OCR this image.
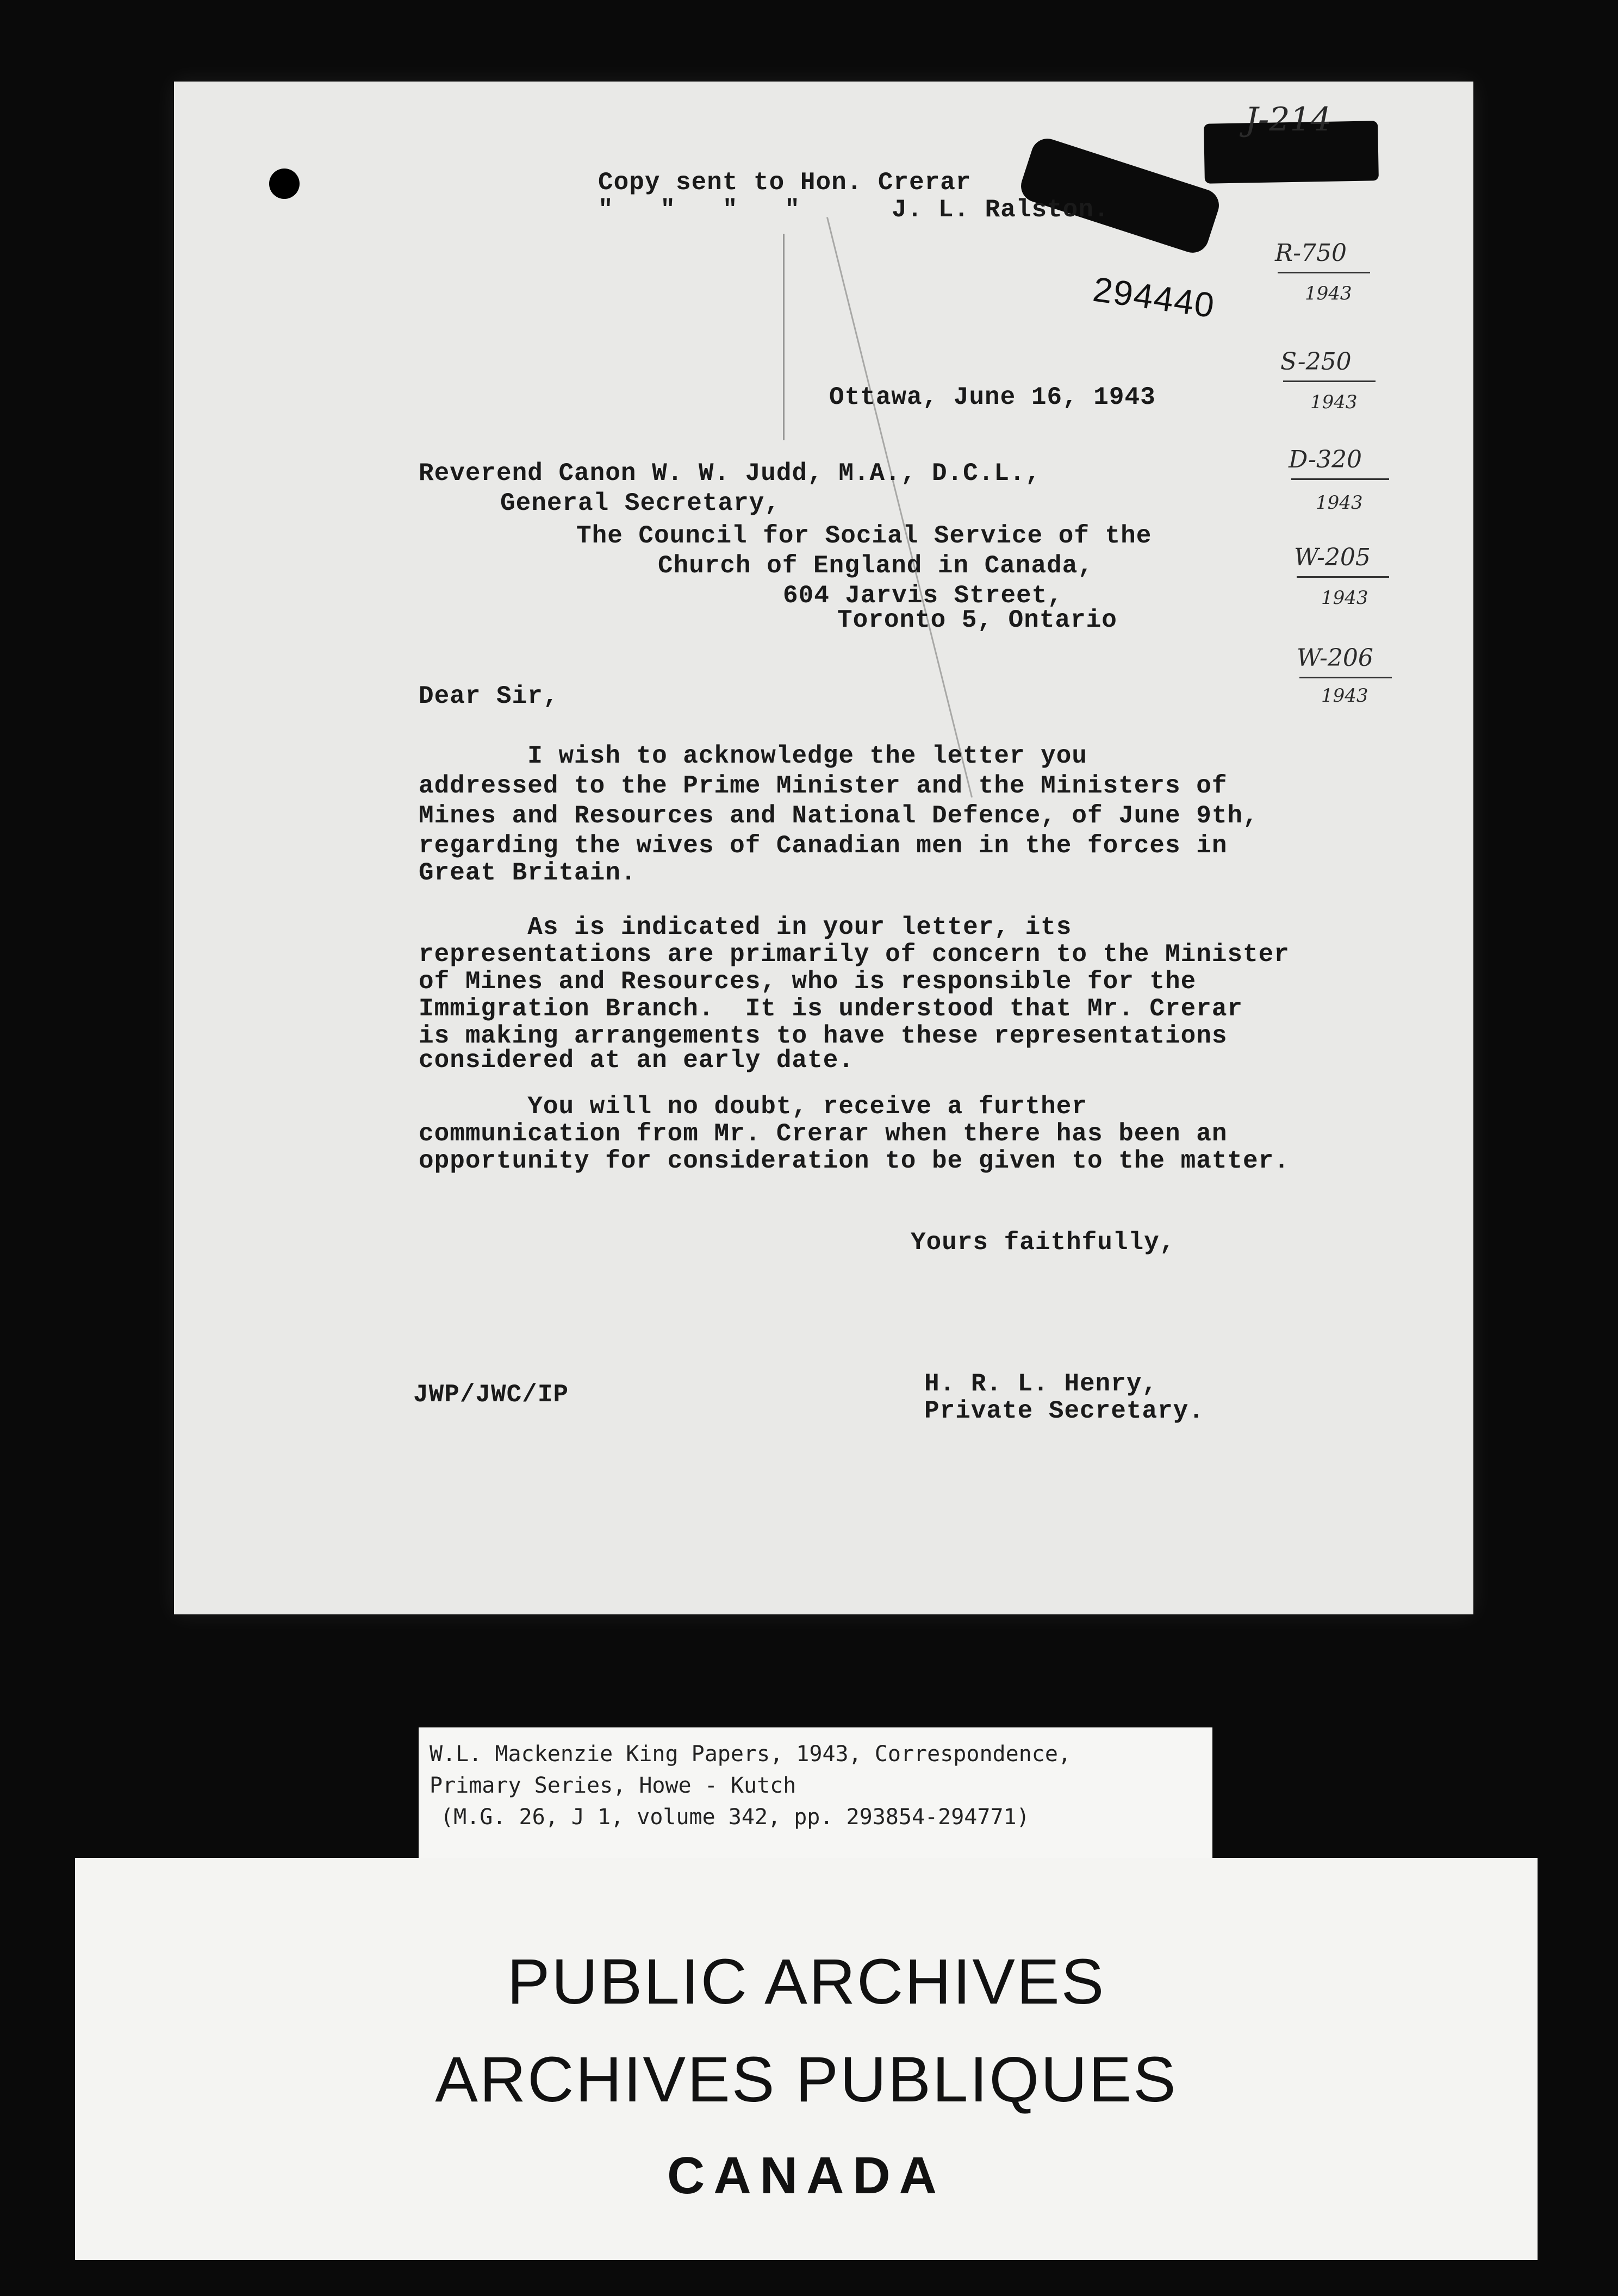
J-214
Copy sent to Hon. Crerar
"   "   "   "	J. L. Ralston.
294440
R-750
1943
S-250
1943
D-320
1943
W-205
1943
W-206
1943
Ottawa, June 16, 1943
Reverend Canon W. W. Judd, M.A., D.C.L.,
General Secretary,
The Council for Social Service of the
Church of England in Canada,
604 Jarvis Street,
Toronto 5, Ontario
Dear Sir,
I wish to acknowledge the letter you
addressed to the Prime Minister and the Ministers of
Mines and Resources and National Defence, of June 9th,
regarding the wives of Canadian men in the forces in
Great Britain.
As is indicated in your letter, its
representations are primarily of concern to the Minister
of Mines and Resources, who is responsible for the
Immigration Branch.  It is understood that Mr. Crerar
is making arrangements to have these representations
considered at an early date.
You will no doubt, receive a further
communication from Mr. Crerar when there has been an
opportunity for consideration to be given to the matter.
Yours faithfully,
JWP/JWC/IP	H. R. L. Henry,
Private Secretary.
W.L. Mackenzie King Papers, 1943, Correspondence,
Primary Series, Howe - Kutch
(M.G. 26, J 1, volume 342, pp. 293854-294771)
PUBLIC ARCHIVES
ARCHIVES PUBLIQUES
CANADA
